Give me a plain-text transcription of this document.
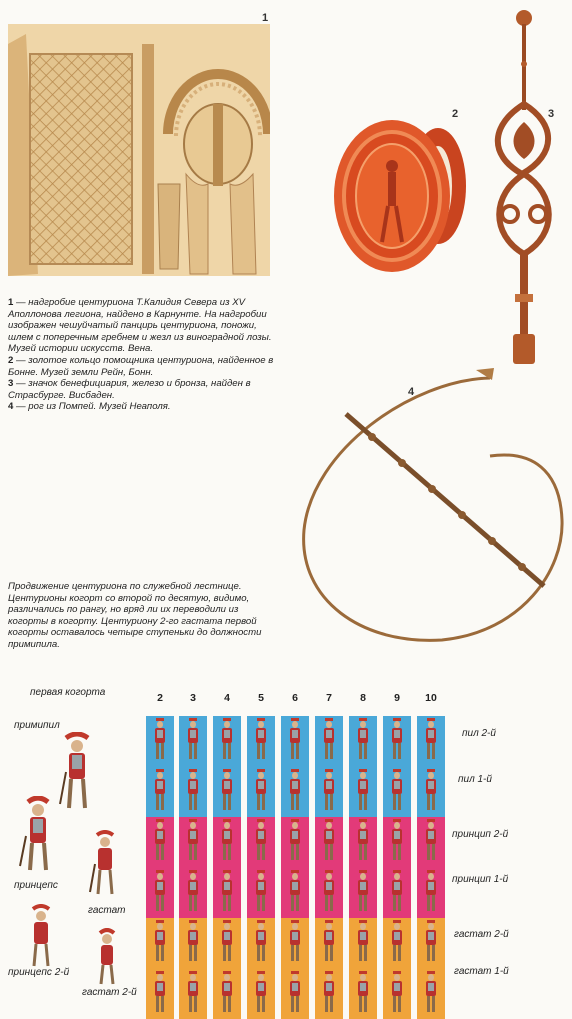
1
2	3
4
1 — надгробие центуриона Т.Калидия Севера из XV Аполлонова легиона, найдено в Карнунте. На надгробии изображен чешуйчатый панцирь центуриона, поножи, шлем с поперечным гребнем и жезл из виноградной лозы. Музей истории искусств. Вена.
2 — золотое кольцо помощника центуриона, найденное в Бонне. Музей земли Рейн, Бонн.
3 — значок бенефициария, железо и бронза, найден в Страсбурге. Висбаден.
4 — рог из Помпей. Музей Неаполя.
Продвижение центуриона по служебной лестнице. Центурионы когорт со второй по десятую, видимо, различались по рангу, но вряд ли их переводили из когорты в когорту. Центуриону 2-го гастата первой когорты оставалось четыре ступеньки до должности примипила.
первая когорта
примипил
принцепс
гастат
принцепс 2-й
гастат 2-й
2	3	4	5	6	7	8	9	10
пил 2-й
пил 1-й
принцип 2-й
принцип 1-й
гастат 2-й
гастат 1-й
